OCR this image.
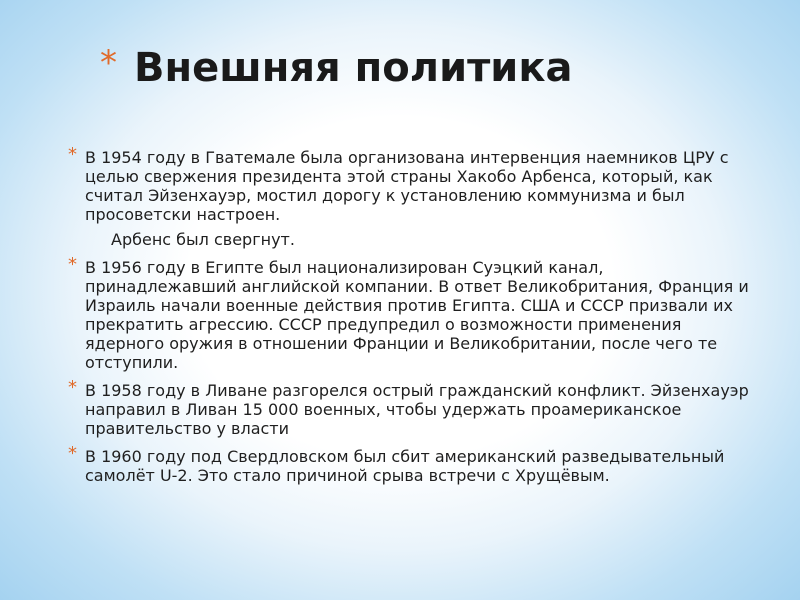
* Внешняя политика
* В 1954 году в Гватемале была организована интервенция наемников ЦРУ с целью свержения президента этой страны Хакобо Арбенса, который, как считал Эйзенхауэр, мостил дорогу к установлению коммунизма и был просоветски настроен.
Арбенс был свергнут.
* В 1956 году в Египте был национализирован Суэцкий канал, принадлежавший английской компании. В ответ Великобритания, Франция и Израиль начали военные действия против Египта. США и СССР призвали их прекратить агрессию. СССР предупредил о возможности применения ядерного оружия в отношении Франции и Великобритании, после чего те отступили.
* В 1958 году в Ливане разгорелся острый гражданский конфликт. Эйзенхауэр направил в Ливан 15 000 военных, чтобы удержать проамериканское правительство у власти
* В 1960 году под Свердловском был сбит американский разведывательный самолёт U-2. Это стало причиной срыва встречи с Хрущёвым.
